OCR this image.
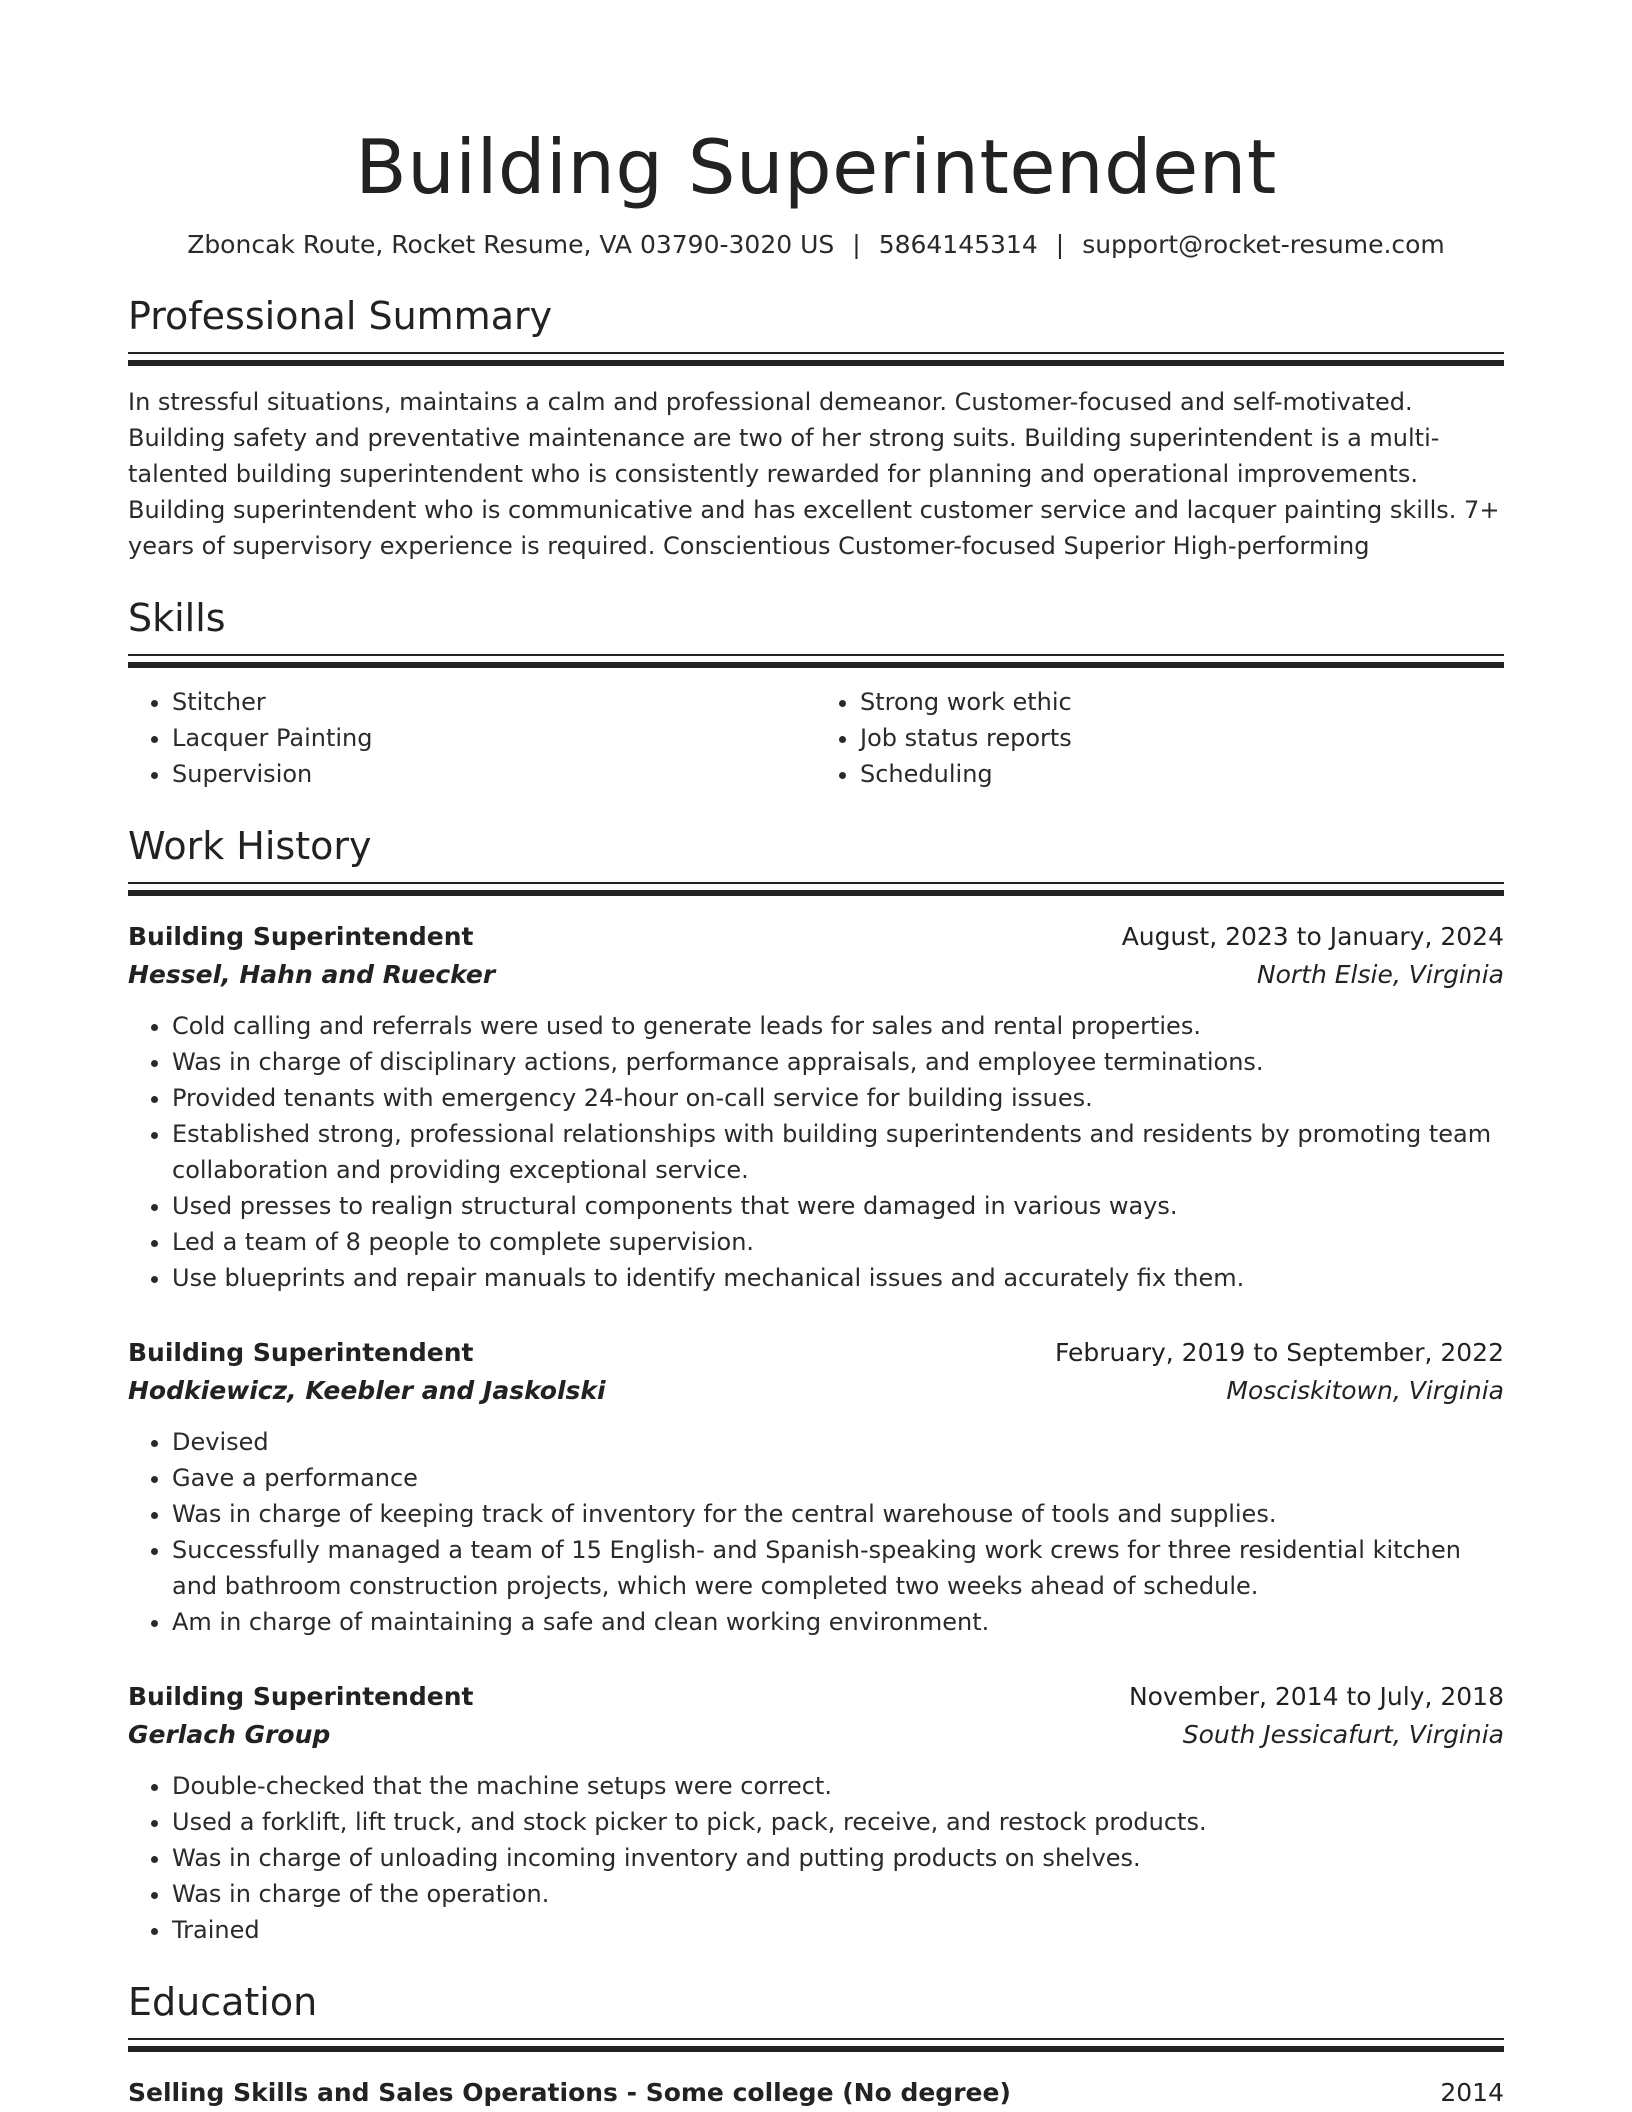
Building Superintendent
Zboncak Route, Rocket Resume, VA 03790-3020 US | 5864145314 | support@rocket-resume.com
Professional Summary
In stressful situations, maintains a calm and professional demeanor. Customer-focused and self-motivated. Building safety and preventative maintenance are two of her strong suits. Building superintendent is a multi-talented building superintendent who is consistently rewarded for planning and operational improvements. Building superintendent who is communicative and has excellent customer service and lacquer painting skills. 7+ years of supervisory experience is required. Conscientious Customer-focused Superior High-performing
Skills
• Stitcher
• Lacquer Painting
• Supervision
• Strong work ethic
• Job status reports
• Scheduling
Work History
Building Superintendent	August, 2023 to January, 2024
Hessel, Hahn and Ruecker	North Elsie, Virginia
• Cold calling and referrals were used to generate leads for sales and rental properties.
• Was in charge of disciplinary actions, performance appraisals, and employee terminations.
• Provided tenants with emergency 24-hour on-call service for building issues.
• Established strong, professional relationships with building superintendents and residents by promoting team collaboration and providing exceptional service.
• Used presses to realign structural components that were damaged in various ways.
• Led a team of 8 people to complete supervision.
• Use blueprints and repair manuals to identify mechanical issues and accurately fix them.
Building Superintendent	February, 2019 to September, 2022
Hodkiewicz, Keebler and Jaskolski	Mosciskitown, Virginia
• Devised
• Gave a performance
• Was in charge of keeping track of inventory for the central warehouse of tools and supplies.
• Successfully managed a team of 15 English- and Spanish-speaking work crews for three residential kitchen and bathroom construction projects, which were completed two weeks ahead of schedule.
• Am in charge of maintaining a safe and clean working environment.
Building Superintendent	November, 2014 to July, 2018
Gerlach Group	South Jessicafurt, Virginia
• Double-checked that the machine setups were correct.
• Used a forklift, lift truck, and stock picker to pick, pack, receive, and restock products.
• Was in charge of unloading incoming inventory and putting products on shelves.
• Was in charge of the operation.
• Trained
Education
Selling Skills and Sales Operations - Some college (No degree)	2014
